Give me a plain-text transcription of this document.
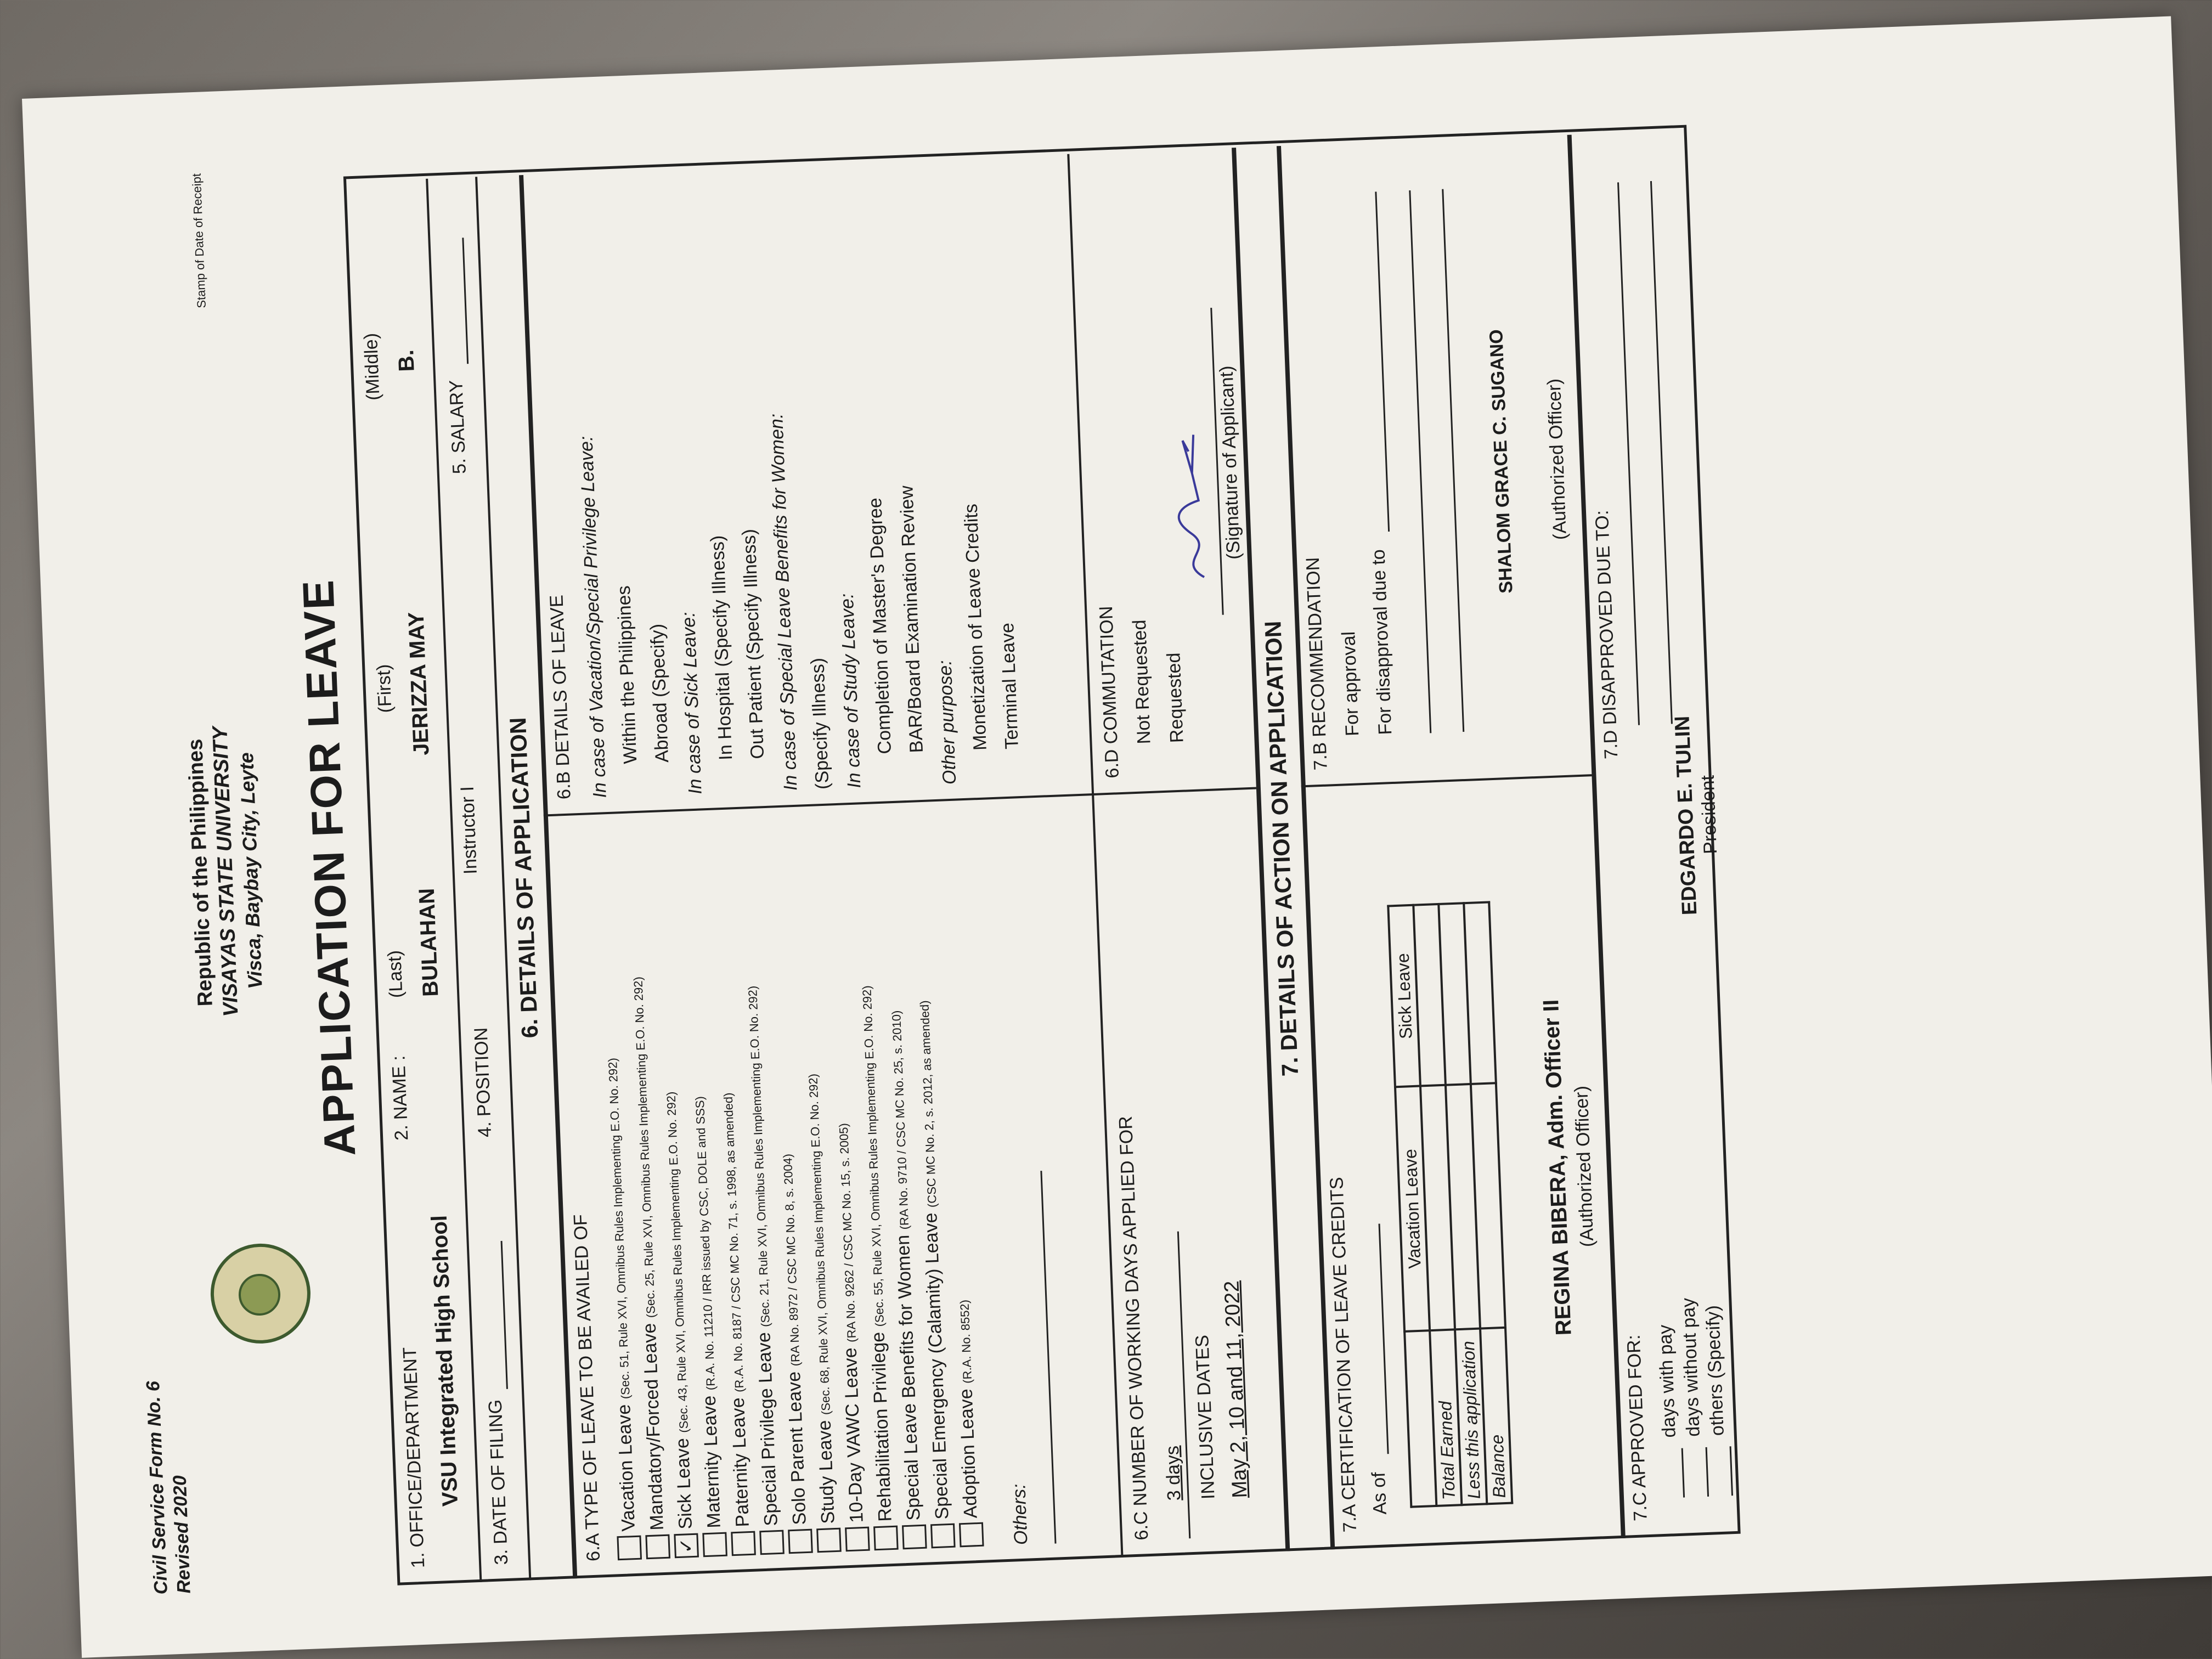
Civil Service Form No. 6
Revised 2020
Republic of the Philippines
VISAYAS STATE UNIVERSITY
Visca, Baybay City, Leyte
Stamp of Date of Receipt
APPLICATION FOR LEAVE
1. OFFICE/DEPARTMENT
VSU Integrated High School
2. NAME :
(Last)
(First)
(Middle)
BULAHAN
JERIZZA MAY
B.
3. DATE OF FILING
4. POSITION
Instructor I
5. SALARY
6. DETAILS OF APPLICATION
6.A TYPE OF LEAVE TO BE AVAILED OF
6.B DETAILS OF LEAVE
Vacation Leave (Sec. 51, Rule XVI, Omnibus Rules Implementing E.O. No. 292)
Mandatory/Forced Leave (Sec. 25, Rule XVI, Omnibus Rules Implementing E.O. No. 292)
✓Sick Leave (Sec. 43, Rule XVI, Omnibus Rules Implementing E.O. No. 292)
Maternity Leave (R.A. No. 11210 / IRR issued by CSC, DOLE and SSS)
Paternity Leave (R.A. No. 8187 / CSC MC No. 71, s. 1998, as amended)
Special Privilege Leave (Sec. 21, Rule XVI, Omnibus Rules Implementing E.O. No. 292)
Solo Parent Leave (RA No. 8972 / CSC MC No. 8, s. 2004)
Study Leave (Sec. 68, Rule XVI, Omnibus Rules Implementing E.O. No. 292)
10-Day VAWC Leave (RA No. 9262 / CSC MC No. 15, s. 2005)
Rehabilitation Privilege (Sec. 55, Rule XVI, Omnibus Rules Implementing E.O. No. 292)
Special Leave Benefits for Women (RA No. 9710 / CSC MC No. 25, s. 2010)
Special Emergency (Calamity) Leave (CSC MC No. 2, s. 2012, as amended)
Adoption Leave (R.A. No. 8552)
Others:
In case of Vacation/Special Privilege Leave: Within the Philippines Abroad (Specify) In case of Sick Leave: In Hospital (Specify Illness) Out Patient (Specify Illness)
In case of Special Leave Benefits for Women: (Specify Illness) In case of Study Leave: Completion of Master's Degree BAR/Board Examination Review Other purpose: Monetization of Leave Credits Terminal Leave
6.C NUMBER OF WORKING DAYS APPLIED FOR 3 days INCLUSIVE DATES May 2, 10 and 11, 2022
6.D COMMUTATION Not Requested Requested
(Signature of Applicant)
7. DETAILS OF ACTION ON APPLICATION
7.A CERTIFICATION OF LEAVE CREDITS As of
	Vacation Leave	Sick Leave
Total Earned		
Less this application		
Balance		
REGINA BIBERA, Adm. Officer II
(Authorized Officer)
7.B RECOMMENDATION For approval For disapproval due to
SHALOM GRACE C. SUGANO	(Authorized Officer)
7.C APPROVED FOR: days with pay
days without pay
others (Specify)
7.D DISAPPROVED DUE TO:
EDGARDO E. TULIN
President
